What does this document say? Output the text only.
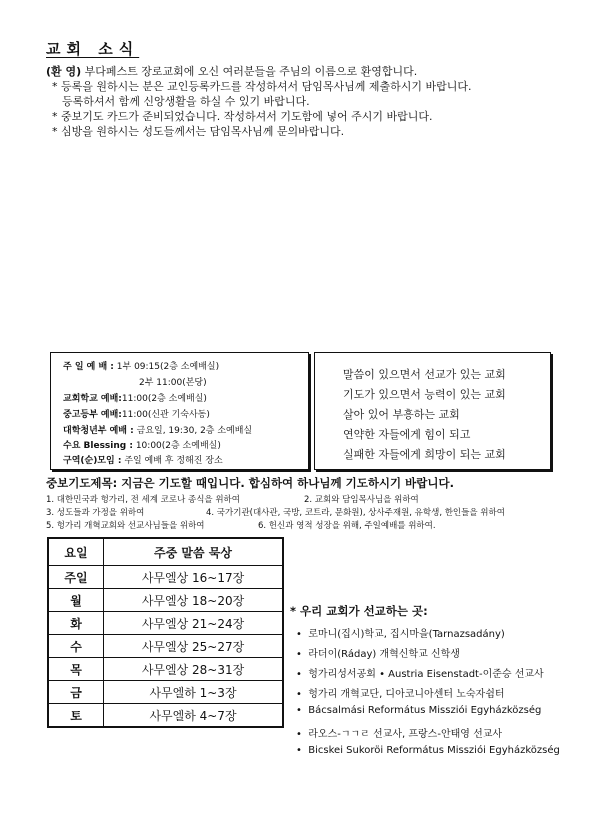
교회 소식
(환 영) 부다페스트 장로교회에 오신 여러분들을 주님의 이름으로 환영합니다.
* 등록을 원하시는 분은 교인등록카드를 작성하셔서 담임목사님께 제출하시기 바랍니다.
등록하셔서 함께 신앙생활을 하실 수 있기 바랍니다.
* 중보기도 카드가 준비되었습니다. 작성하셔서 기도함에 넣어 주시기 바랍니다.
* 심방을 원하시는 성도들께서는 담임목사님께 문의바랍니다.
주 일 예 배 : 1부 09:15(2층 소예배실)
2부 11:00(본당)
교회학교 예배:11:00(2층 소예배실)
중고등부 예배:11:00(신관 기숙사동)
대학청년부 예배 : 금요일, 19:30, 2층 소예배실
수요 Blessing : 10:00(2층 소예배실)
구역(순)모임 : 주일 예배 후 정해진 장소
말씀이 있으면서 선교가 있는 교회
기도가 있으면서 능력이 있는 교회
살아 있어 부흥하는 교회
연약한 자들에게 힘이 되고
실패한 자들에게 희망이 되는 교회
중보기도제목: 지금은 기도할 때입니다. 합심하여 하나님께 기도하시기 바랍니다.
1. 대한민국과 헝가리, 전 세계 코로나 종식을 위하여	2. 교회와 담임목사님을 위하여
3. 성도들과 가정을 위하여	4. 국가기관(대사관, 국방, 코트라, 문화원), 상사주재원, 유학생, 한인들을 위하여
5. 헝가리 개혁교회와 선교사님들을 위하여	6. 헌신과 영적 성장을 위해, 주일예배를 위하여.
요일	주중 말씀 묵상
주일	사무엘상 16~17장
월	사무엘상 18~20장
화	사무엘상 21~24장
수	사무엘상 25~27장
목	사무엘상 28~31장
금	사무엘하 1~3장
토	사무엘하 4~7장
* 우리 교회가 선교하는 곳:
•  로마니(집시)학교, 집시마을(Tarnazsadány)
•  라더이(Ráday) 개혁신학교 신학생
•  헝가리성서공회 • Austria Eisenstadt-이준승 선교사
•  헝가리 개혁교단, 디아코니아센터 노숙자쉼터
•  Bácsalmási Református Missziói Egyházközség
•  라오스-ㄱㄱㄹ 선교사, 프랑스-안태영 선교사
•  Bicskei Sukoröi Református Missziói Egyházközség
